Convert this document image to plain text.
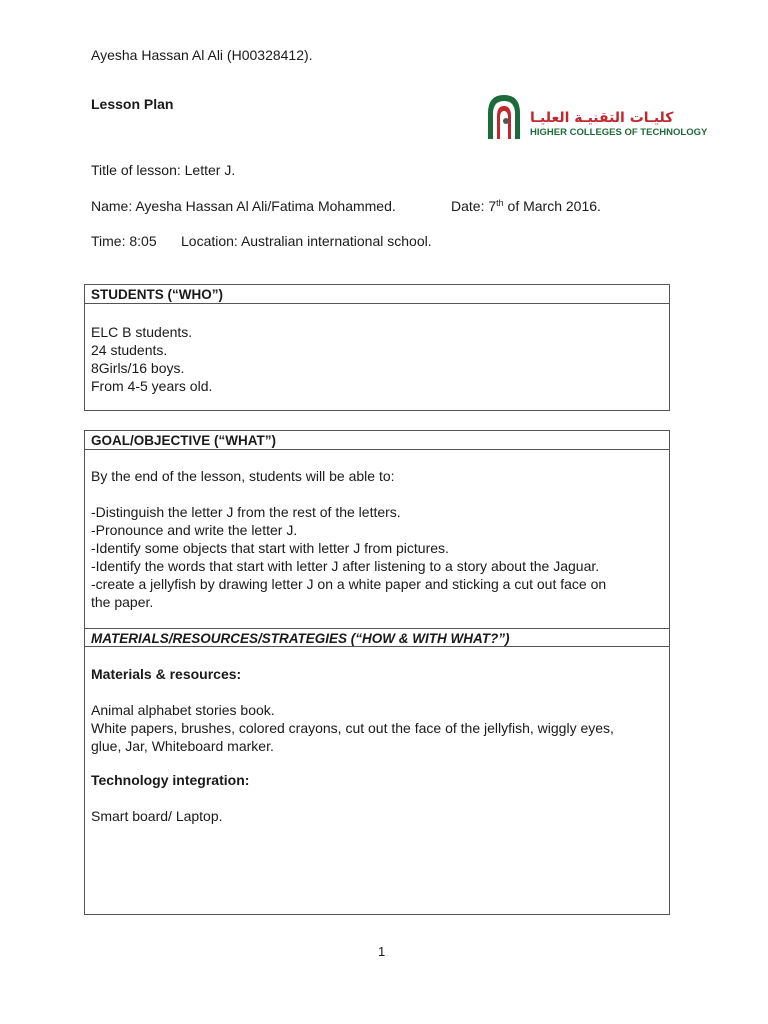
Ayesha Hassan Al Ali (H00328412).
Lesson Plan
كليـات التقنيـة العليـا
HIGHER COLLEGES OF TECHNOLOGY
Title of lesson: Letter J.
Name: Ayesha Hassan Al Ali/Fatima Mohammed.	Date: 7th of March 2016.
Time: 8:05 Location: Australian international school.
STUDENTS (“WHO”)

ELC B students.

24 students.

8Girls/16 boys.

From 4-5 years old.

GOAL/OBJECTIVE (“WHAT”)

By the end of the lesson, students will be able to:

-Distinguish the letter J from the rest of the letters.

-Pronounce and write the letter J.

-Identify some objects that start with letter J from pictures.

-Identify the words that start with letter J after listening to a story about the Jaguar.

-create a jellyfish by drawing letter J on a white paper and sticking a cut out face on

the paper.

MATERIALS/RESOURCES/STRATEGIES (“HOW & WITH WHAT?”)

Materials & resources:

Animal alphabet stories book.

White papers, brushes, colored crayons, cut out the face of the jellyfish, wiggly eyes,

glue, Jar, Whiteboard marker.

Technology integration:

Smart board/ Laptop.

1
